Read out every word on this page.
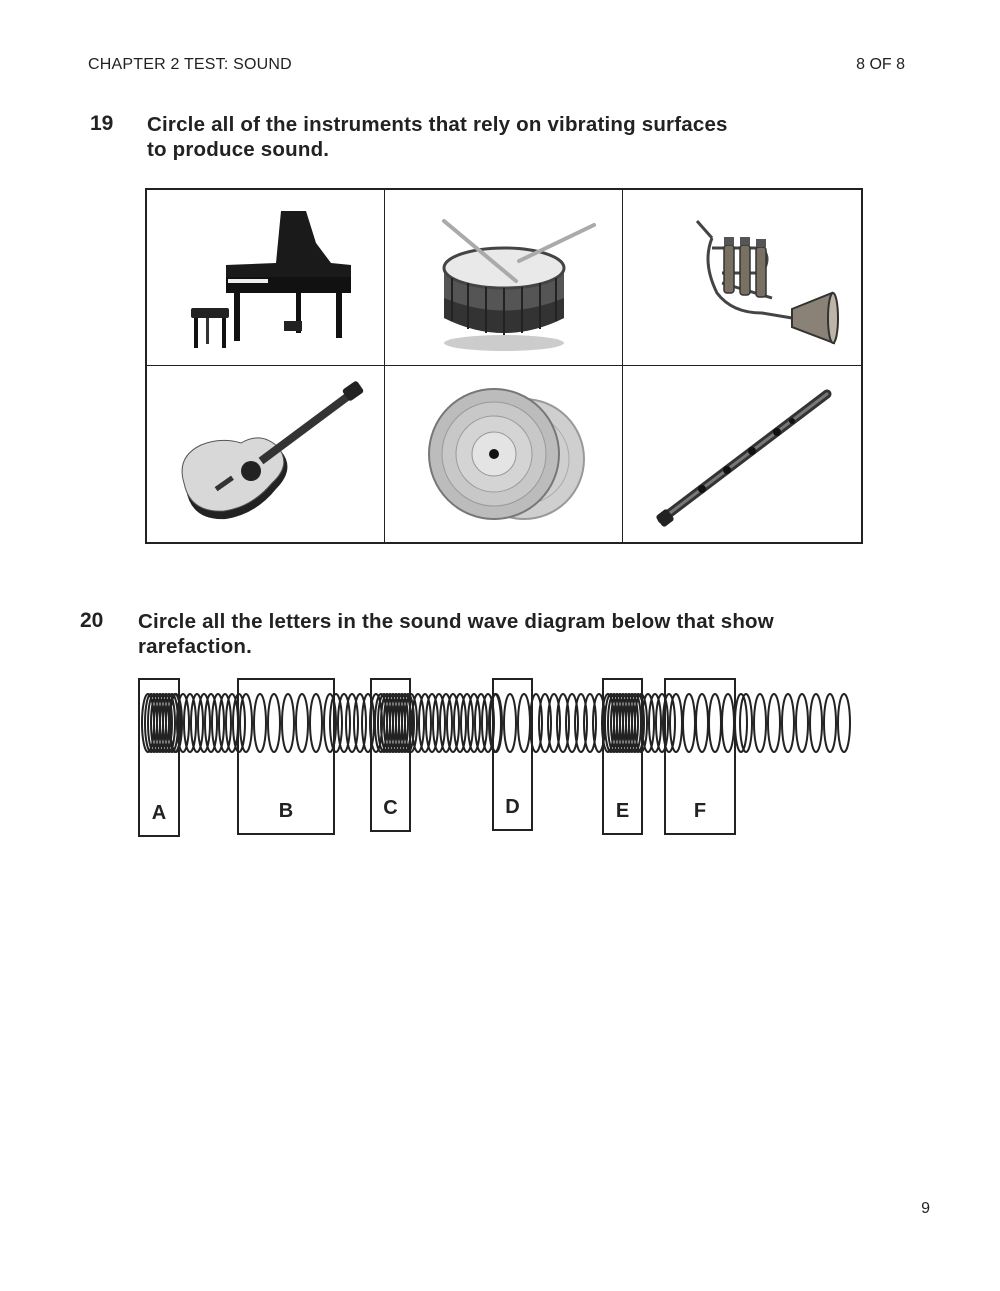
CHAPTER 2 TEST: SOUND	8 OF 8
19 Circle all of the instruments that rely on vibrating surfaces
to produce sound.
20 Circle all the letters in the sound wave diagram below that show
rarefaction.
A	B	C	D	E	F
9
